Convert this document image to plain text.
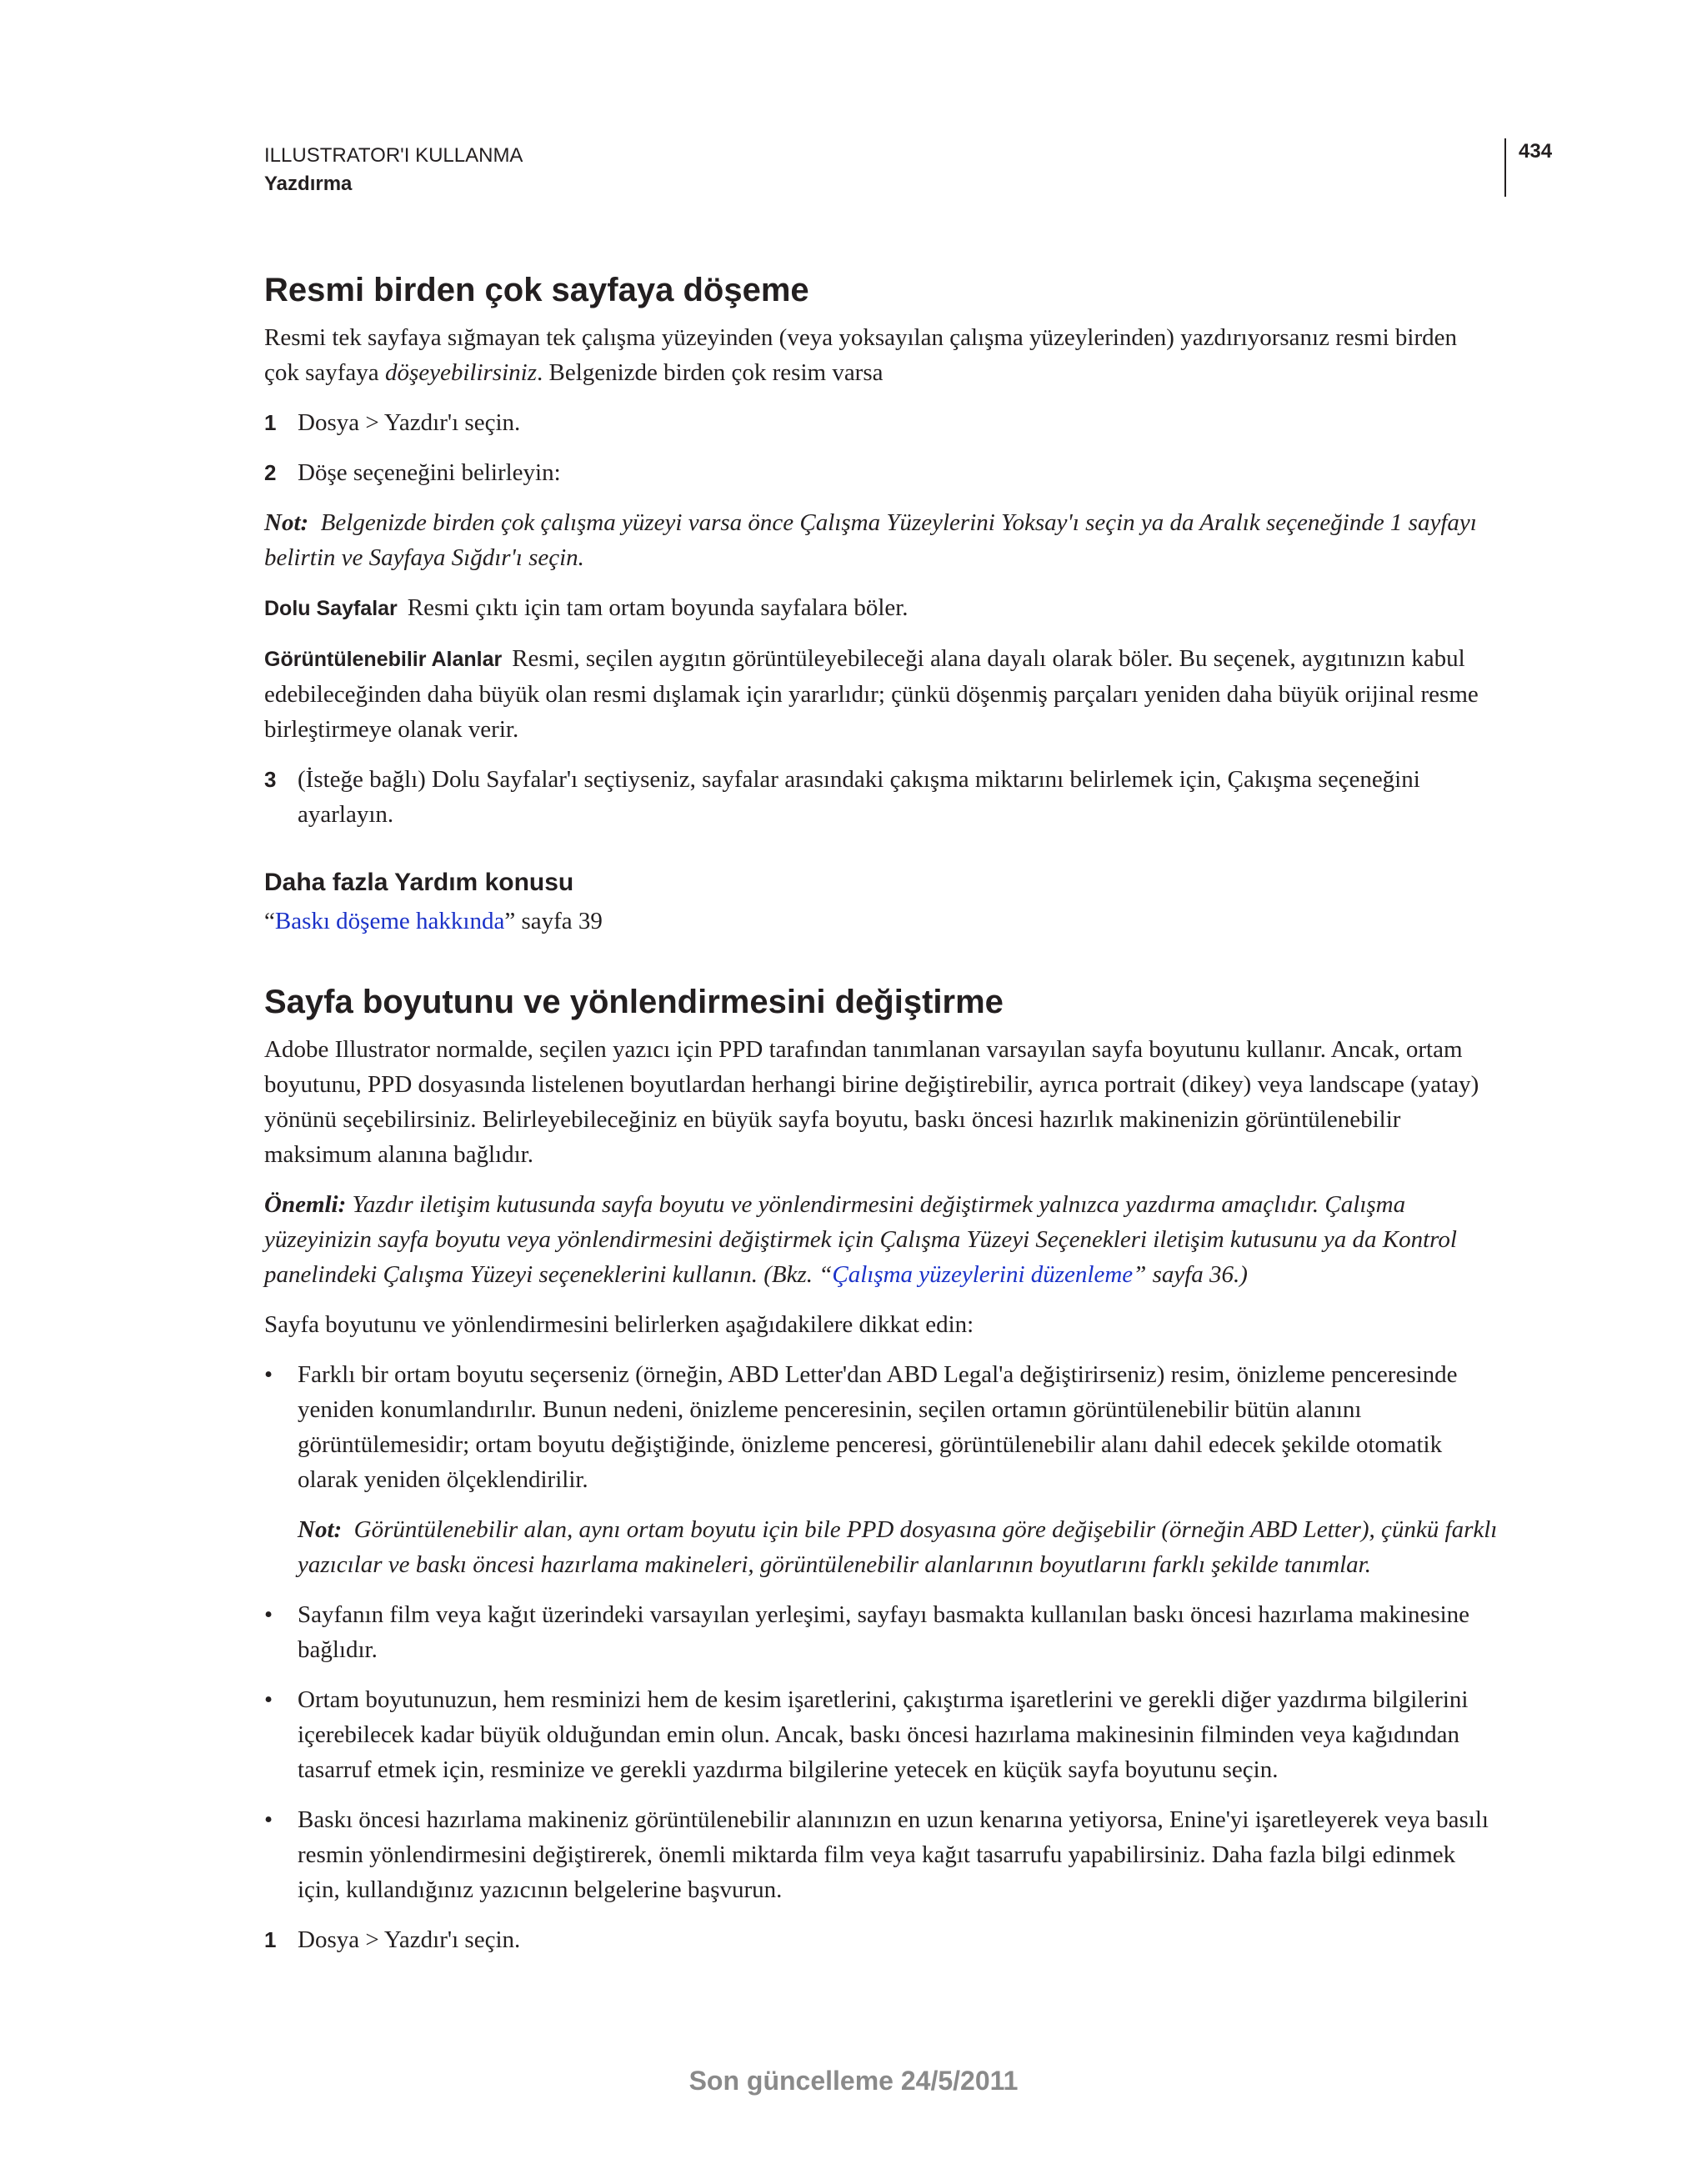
ILLUSTRATOR'I KULLANMA
Yazdırma
434
Resmi birden çok sayfaya döşeme

Resmi tek sayfaya sığmayan tek çalışma yüzeyinden (veya yoksayılan çalışma yüzeylerinden) yazdırıyorsanız resmi birden çok sayfaya döşeyebilirsiniz. Belgenizde birden çok resim varsa

1 Dosya > Yazdır'ı seçin.
2 Döşe seçeneğini belirleyin:

Not: Belgenizde birden çok çalışma yüzeyi varsa önce Çalışma Yüzeylerini Yoksay'ı seçin ya da Aralık seçeneğinde 1 sayfayı belirtin ve Sayfaya Sığdır'ı seçin.

Dolu Sayfalar Resmi çıktı için tam ortam boyunda sayfalara böler.

Görüntülenebilir Alanlar Resmi, seçilen aygıtın görüntüleyebileceği alana dayalı olarak böler. Bu seçenek, aygıtınızın kabul edebileceğinden daha büyük olan resmi dışlamak için yararlıdır; çünkü döşenmiş parçaları yeniden daha büyük orijinal resme birleştirmeye olanak verir.

3 (İsteğe bağlı) Dolu Sayfalar'ı seçtiyseniz, sayfalar arasındaki çakışma miktarını belirlemek için, Çakışma seçeneğini ayarlayın.
Daha fazla Yardım konusu

“Baskı döşeme hakkında” sayfa 39

Sayfa boyutunu ve yönlendirmesini değiştirme

Adobe Illustrator normalde, seçilen yazıcı için PPD tarafından tanımlanan varsayılan sayfa boyutunu kullanır. Ancak, ortam boyutunu, PPD dosyasında listelenen boyutlardan herhangi birine değiştirebilir, ayrıca portrait (dikey) veya landscape (yatay) yönünü seçebilirsiniz. Belirleyebileceğiniz en büyük sayfa boyutu, baskı öncesi hazırlık makinenizin görüntülenebilir maksimum alanına bağlıdır.

Önemli: Yazdır iletişim kutusunda sayfa boyutu ve yönlendirmesini değiştirmek yalnızca yazdırma amaçlıdır. Çalışma yüzeyinizin sayfa boyutu veya yönlendirmesini değiştirmek için Çalışma Yüzeyi Seçenekleri iletişim kutusunu ya da Kontrol panelindeki Çalışma Yüzeyi seçeneklerini kullanın. (Bkz. “Çalışma yüzeylerini düzenleme” sayfa 36.)

Sayfa boyutunu ve yönlendirmesini belirlerken aşağıdakilere dikkat edin:

•	Farklı bir ortam boyutu seçerseniz (örneğin, ABD Letter'dan ABD Legal'a değiştirirseniz) resim, önizleme penceresinde yeniden konumlandırılır. Bunun nedeni, önizleme penceresinin, seçilen ortamın görüntülenebilir bütün alanını görüntülemesidir; ortam boyutu değiştiğinde, önizleme penceresi, görüntülenebilir alanı dahil edecek şekilde otomatik olarak yeniden ölçeklendirilir.

Not: Görüntülenebilir alan, aynı ortam boyutu için bile PPD dosyasına göre değişebilir (örneğin ABD Letter), çünkü farklı yazıcılar ve baskı öncesi hazırlama makineleri, görüntülenebilir alanlarının boyutlarını farklı şekilde tanımlar.

•	Sayfanın film veya kağıt üzerindeki varsayılan yerleşimi, sayfayı basmakta kullanılan baskı öncesi hazırlama makinesine bağlıdır.
•	Ortam boyutunuzun, hem resminizi hem de kesim işaretlerini, çakıştırma işaretlerini ve gerekli diğer yazdırma bilgilerini içerebilecek kadar büyük olduğundan emin olun. Ancak, baskı öncesi hazırlama makinesinin filminden veya kağıdından tasarruf etmek için, resminize ve gerekli yazdırma bilgilerine yetecek en küçük sayfa boyutunu seçin.
•	Baskı öncesi hazırlama makineniz görüntülenebilir alanınızın en uzun kenarına yetiyorsa, Enine'yi işaretleyerek veya basılı resmin yönlendirmesini değiştirerek, önemli miktarda film veya kağıt tasarrufu yapabilirsiniz. Daha fazla bilgi edinmek için, kullandığınız yazıcının belgelerine başvurun.
1 Dosya > Yazdır'ı seçin.
Son güncelleme 24/5/2011
